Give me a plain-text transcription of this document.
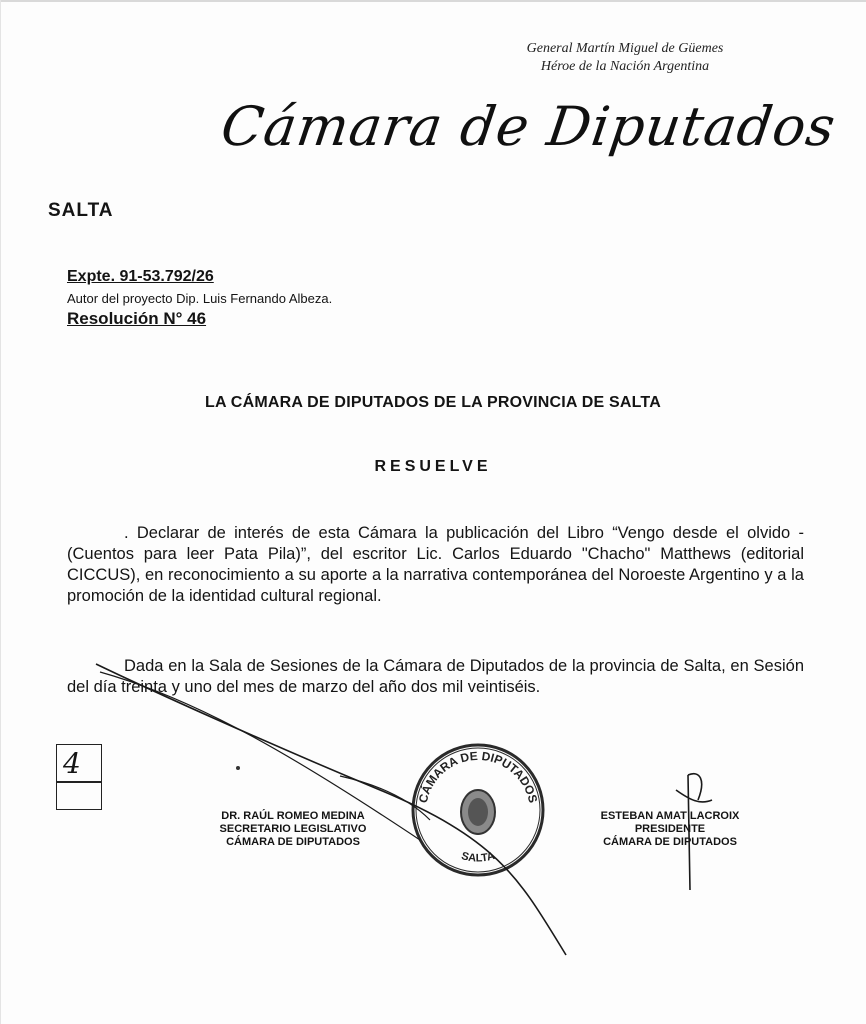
General Martín Miguel de Güemes
Héroe de la Nación Argentina
Cámara de Diputados
SALTA
Expte. 91-53.792/26
Autor del proyecto Dip. Luis Fernando Albeza.
Resolución N° 46
LA CÁMARA DE DIPUTADOS DE LA PROVINCIA DE SALTA
RESUELVE

. Declarar de interés de esta Cámara la publicación del Libro “Vengo desde el olvido - (Cuentos para leer Pata Pila)”, del escritor Lic. Carlos Eduardo "Chacho" Matthews (editorial CICCUS), en reconocimiento a su aporte a la narrativa contemporánea del Noroeste Argentino y a la promoción de la identidad cultural regional.

Dada en la Sala de Sesiones de la Cámara de Diputados de la provincia de Salta, en Sesión del día treinta y uno del mes de marzo del año dos mil veintiséis.

4
DR. RAÚL ROMEO MEDINA
SECRETARIO LEGISLATIVO
CÁMARA DE DIPUTADOS
ESTEBAN AMAT LACROIX
PRESIDENTE
CÁMARA DE DIPUTADOS
CÁMARA DE DIPUTADOS
SALTA
